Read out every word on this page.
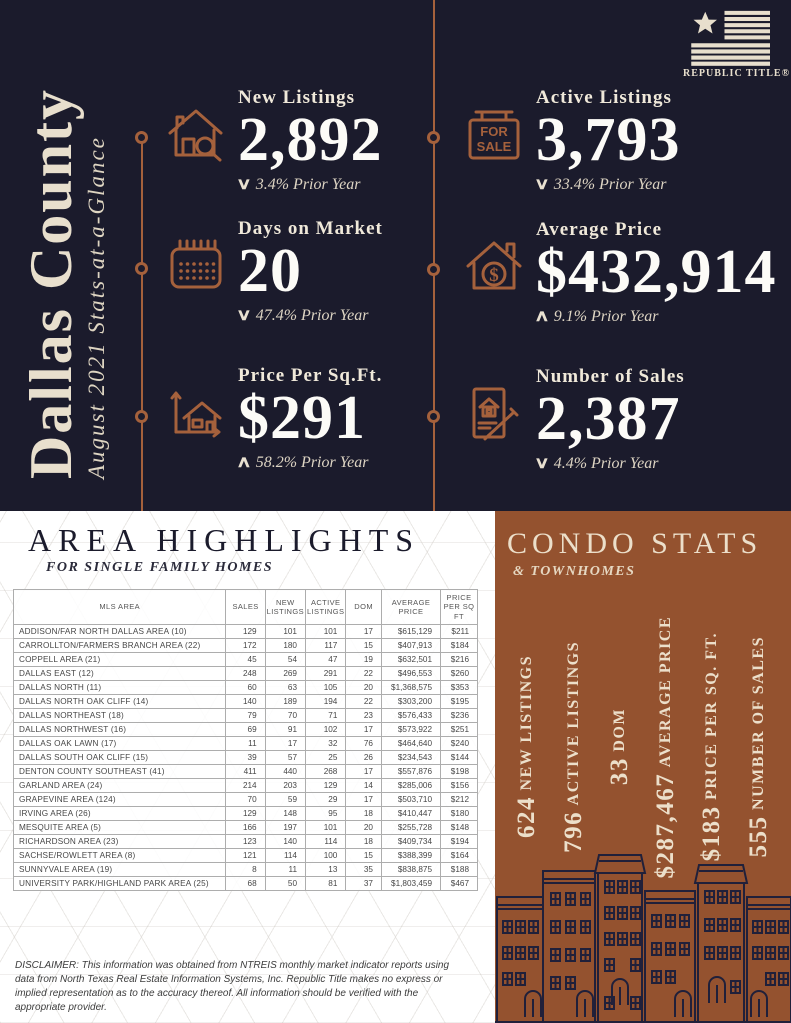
Dallas County August 2021 Stats-at-a-Glance
REPUBLIC TITLE®
New Listings
2,892
∨ 3.4% Prior Year
Days on Market
20
∨ 47.4% Prior Year
Price Per Sq.Ft.
$291
∧ 58.2% Prior Year
FOR
SALE
Active Listings
3,793
∨ 33.4% Prior Year
$
Average Price
$432,914
∧ 9.1% Prior Year
Number of Sales
2,387
∨ 4.4% Prior Year
AREA HIGHLIGHTS
FOR SINGLE FAMILY HOMES
MLS AREA	SALES	NEW LISTINGS	ACTIVE LISTINGS	DOM	AVERAGE PRICE	PRICE PER SQ FT
ADDISON/FAR NORTH DALLAS AREA (10)	129	101	101	17	$615,129	$211
CARROLLTON/FARMERS BRANCH AREA (22)	172	180	117	15	$407,913	$184
COPPELL AREA (21)	45	54	47	19	$632,501	$216
DALLAS EAST (12)	248	269	291	22	$496,553	$260
DALLAS NORTH (11)	60	63	105	20	$1,368,575	$353
DALLAS NORTH OAK CLIFF (14)	140	189	194	22	$303,200	$195
DALLAS NORTHEAST (18)	79	70	71	23	$576,433	$236
DALLAS NORTHWEST (16)	69	91	102	17	$573,922	$251
DALLAS OAK LAWN (17)	11	17	32	76	$464,640	$240
DALLAS SOUTH OAK CLIFF (15)	39	57	25	26	$234,543	$144
DENTON COUNTY SOUTHEAST (41)	411	440	268	17	$557,876	$198
GARLAND AREA (24)	214	203	129	14	$285,006	$156
GRAPEVINE AREA (124)	70	59	29	17	$503,710	$212
IRVING AREA (26)	129	148	95	18	$410,447	$180
MESQUITE AREA (5)	166	197	101	20	$255,728	$148
RICHARDSON AREA (23)	123	140	114	18	$409,734	$194
SACHSE/ROWLETT AREA (8)	121	114	100	15	$388,399	$164
SUNNYVALE AREA (19)	8	11	13	35	$838,875	$188
UNIVERSITY PARK/HIGHLAND PARK AREA (25)	68	50	81	37	$1,803,459	$467
DISCLAIMER: This information was obtained from NTREIS monthly market indicator reports using data from North Texas Real Estate Information Systems, Inc. Republic Title makes no express or implied representation as to the accuracy thereof. All information should be verified with the appropriate provider.
CONDO STATS
& TOWNHOMES
624 NEW LISTINGS
796 ACTIVE LISTINGS 33 DOM
$287,467 AVERAGE PRICE
$183 PRICE PER SQ. FT.
555 NUMBER OF SALES
